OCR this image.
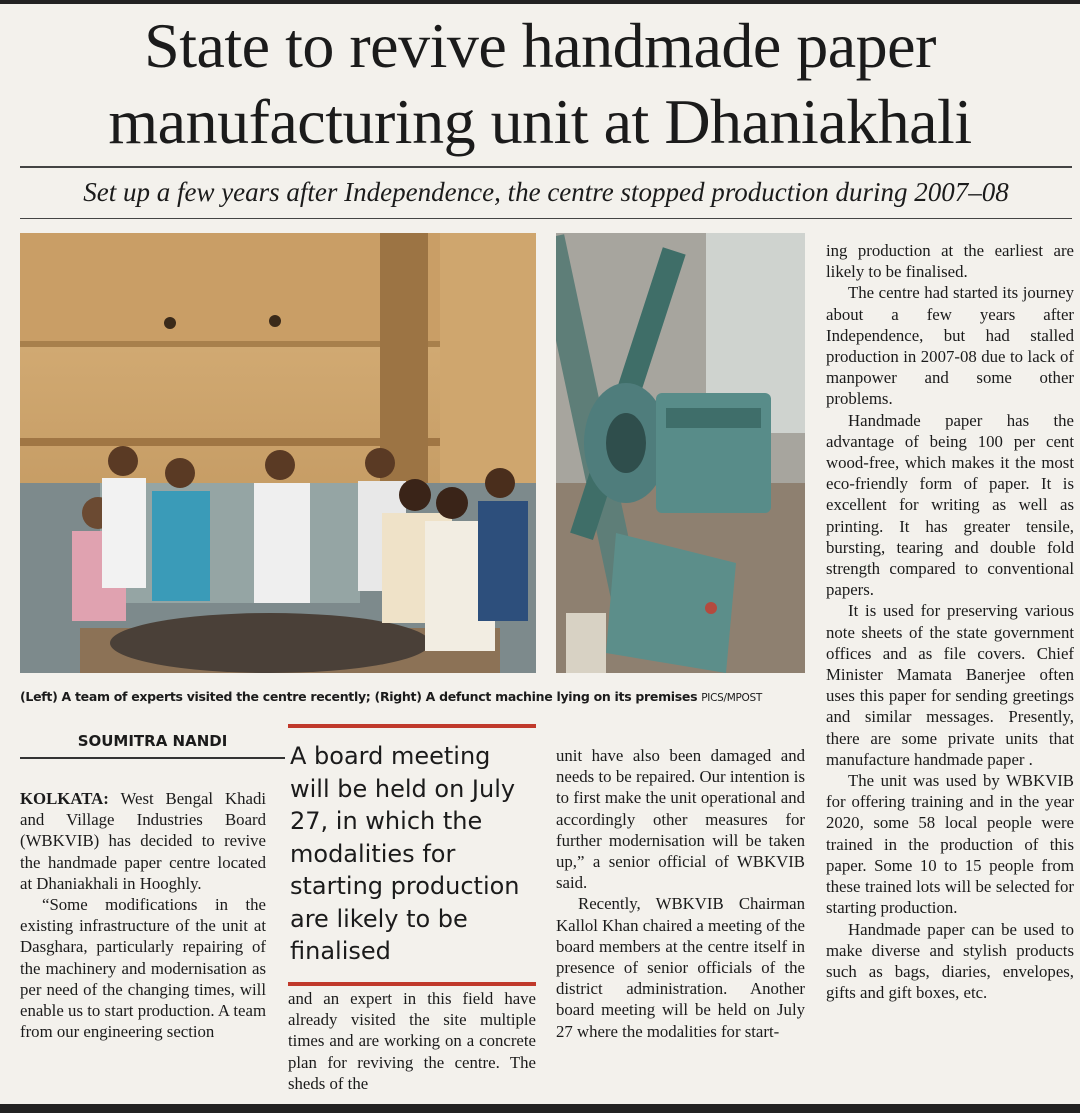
State to revive handmade paper
manufacturing unit at Dhaniakhali

Set up a few years after Independence, the centre stopped production during 2007–08

(Left) A team of experts visited the centre recently; (Right) A defunct machine lying on its premises PICS/MPOST
SOUMITRA NANDI

KOLKATA: West Bengal Khadi and Village Industries Board (WBKVIB) has decided to revive the handmade paper centre located at Dhaniakhali in Hooghly.

“Some modifications in the existing infrastructure of the unit at Dasghara, particularly repairing of the machinery and modernisation as per need of the changing times, will enable us to start production. A team from our engineering section

A board meeting will be held on July 27, in which the modalities for starting production are likely to be finalised

and an expert in this field have already visited the site multiple times and are working on a concrete plan for reviving the centre. The sheds of the

unit have also been damaged and needs to be repaired. Our intention is to first make the unit operational and accordingly other measures for further modernisation will be taken up,” a senior official of WBKVIB said.

Recently, WBKVIB Chairman Kallol Khan chaired a meeting of the board members at the centre itself in presence of senior officials of the district administration. Another board meeting will be held on July 27 where the modalities for start-

ing production at the earliest are likely to be finalised.

The centre had started its journey about a few years after Independence, but had stalled production in 2007-08 due to lack of manpower and some other problems.

Handmade paper has the advantage of being 100 per cent wood-free, which makes it the most eco-friendly form of paper. It is excellent for writing as well as printing. It has greater tensile, bursting, tearing and double fold strength compared to conventional papers.

It is used for preserving various note sheets of the state government offices and as file covers. Chief Minister Mamata Banerjee often uses this paper for sending greetings and similar messages. Presently, there are some private units that manufacture handmade paper .

The unit was used by WBKVIB for offering training and in the year 2020, some 58 local people were trained in the production of this paper. Some 10 to 15 people from these trained lots will be selected for starting production.

Handmade paper can be used to make diverse and stylish products such as bags, diaries, envelopes, gifts and gift boxes, etc.
